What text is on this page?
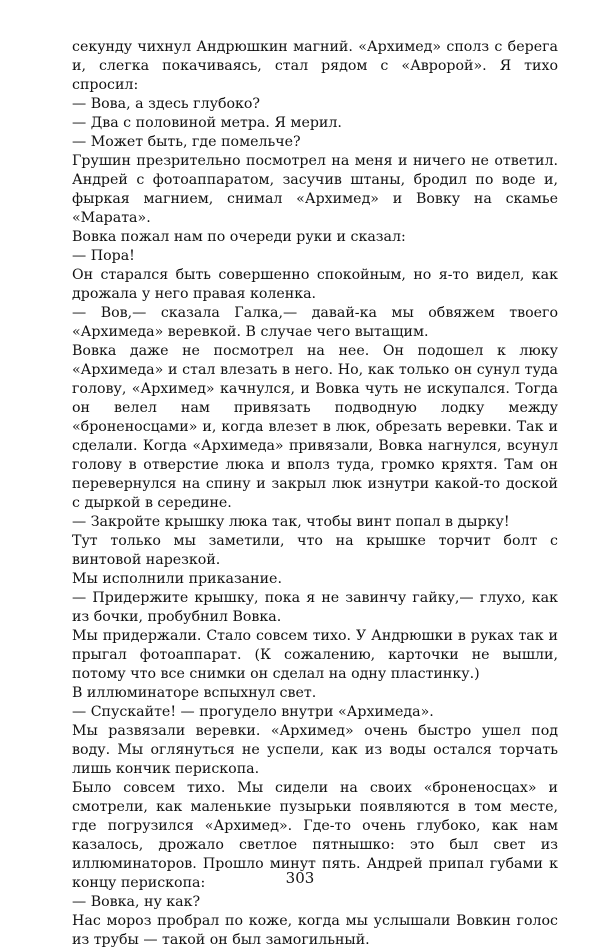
секунду чихнул Андрюшкин магний. «Архимед» сполз с берега и, слегка покачиваясь, стал рядом с «Авророй». Я тихо спросил:

— Вова, а здесь глубоко?

— Два с половиной метра. Я мерил.

— Может быть, где помельче?

Грушин презрительно посмотрел на меня и ничего не ответил. Андрей с фотоаппаратом, засучив штаны, бродил по воде и, фыркая магнием, снимал «Архимед» и Вовку на скамье «Марата».

Вовка пожал нам по очереди руки и сказал:

— Пора!

Он старался быть совершенно спокойным, но я-то видел, как дрожала у него правая коленка.

— Вов,— сказала Галка,— давай-ка мы обвяжем твоего «Архимеда» веревкой. В случае чего вытащим.

Вовка даже не посмотрел на нее. Он подошел к люку «Архимеда» и стал влезать в него. Но, как только он сунул туда голову, «Архимед» качнулся, и Вовка чуть не искупался. Тогда он велел нам привязать подводную лодку между «броненосцами» и, когда влезет в люк, обрезать веревки. Так и сделали. Когда «Архимеда» привязали, Вовка нагнулся, всунул голову в отверстие люка и вполз туда, громко кряхтя. Там он перевернулся на спину и закрыл люк изнутри какой-то доской с дыркой в середине.

— Закройте крышку люка так, чтобы винт попал в дырку!

Тут только мы заметили, что на крышке торчит болт с винтовой нарезкой.

Мы исполнили приказание.

— Придержите крышку, пока я не завинчу гайку,— глухо, как из бочки, пробубнил Вовка.

Мы придержали. Стало совсем тихо. У Андрюшки в руках так и прыгал фотоаппарат. (К сожалению, карточки не вышли, потому что все снимки он сделал на одну пластинку.)

В иллюминаторе вспыхнул свет.

— Спускайте! — прогудело внутри «Архимеда».

Мы развязали веревки. «Архимед» очень быстро ушел под воду. Мы оглянуться не успели, как из воды остался торчать лишь кончик перископа.

Было совсем тихо. Мы сидели на своих «броненосцах» и смотрели, как маленькие пузырьки появляются в том месте, где погрузился «Архимед». Где-то очень глубоко, как нам казалось, дрожало светлое пятнышко: это был свет из иллюминаторов. Прошло минут пять. Андрей припал губами к концу перископа:

— Вовка, ну как?

Нас мороз пробрал по коже, когда мы услышали Вовкин голос из трубы — такой он был замогильный.

303
